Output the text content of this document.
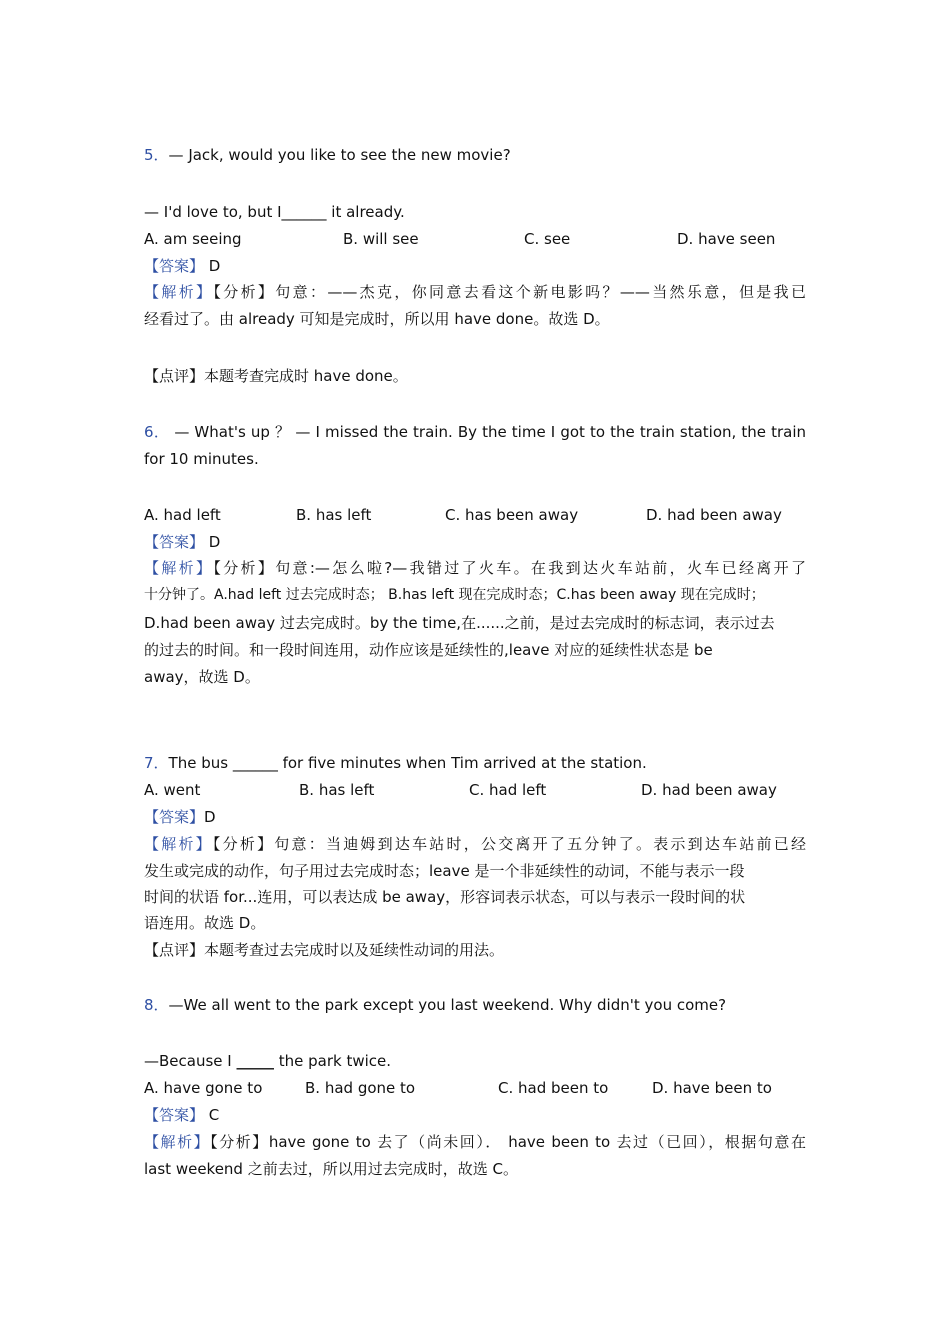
5．— Jack, would you like to see the new movie?
— I'd love to, but I______ it already.
A. am seeing	B. will see	C. see	D. have seen
【答案】 D
【解析】【分析】句意：——杰克，你同意去看这个新电影吗？——当然乐意，但是我已
经看过了。由 already 可知是完成时，所以用 have done。故选 D。
【点评】本题考查完成时 have done。
6． — What's up ？ — I missed the train. By the time I got to the train station, the train
for 10 minutes.
A. had left	B. has left	C. has been away	D. had been away
【答案】 D
【解析】【分析】句意:—怎么啦?—我错过了火车。在我到达火车站前，火车已经离开了
十分钟了。A.had left 过去完成时态； B.has left 现在完成时态；C.has been away 现在完成时；
D.had been away 过去完成时。by the time,在......之前，是过去完成时的标志词，表示过去
的过去的时间。和一段时间连用，动作应该是延续性的,leave 对应的延续性状态是 be
away，故选 D。
7．The bus ______ for five minutes when Tim arrived at the station.
A. went	B. has left	C. had left	D. had been away
【答案】D
【解析】【分析】句意：当迪姆到达车站时，公交离开了五分钟了。表示到达车站前已经
发生或完成的动作，句子用过去完成时态；leave 是一个非延续性的动词，不能与表示一段
时间的状语 for...连用，可以表达成 be away，形容词表示状态，可以与表示一段时间的状
语连用。故选 D。
【点评】本题考查过去完成时以及延续性动词的用法。
8．—We all went to the park except you last weekend. Why didn't you come?
—Because I _____ the park twice.
A. have gone to	B. had gone to	C. had been to	D. have been to
【答案】 C
【解析】【分析】have gone to 去了（尚未回）． have been to 去过（已回），根据句意在
last weekend 之前去过，所以用过去完成时，故选 C。
